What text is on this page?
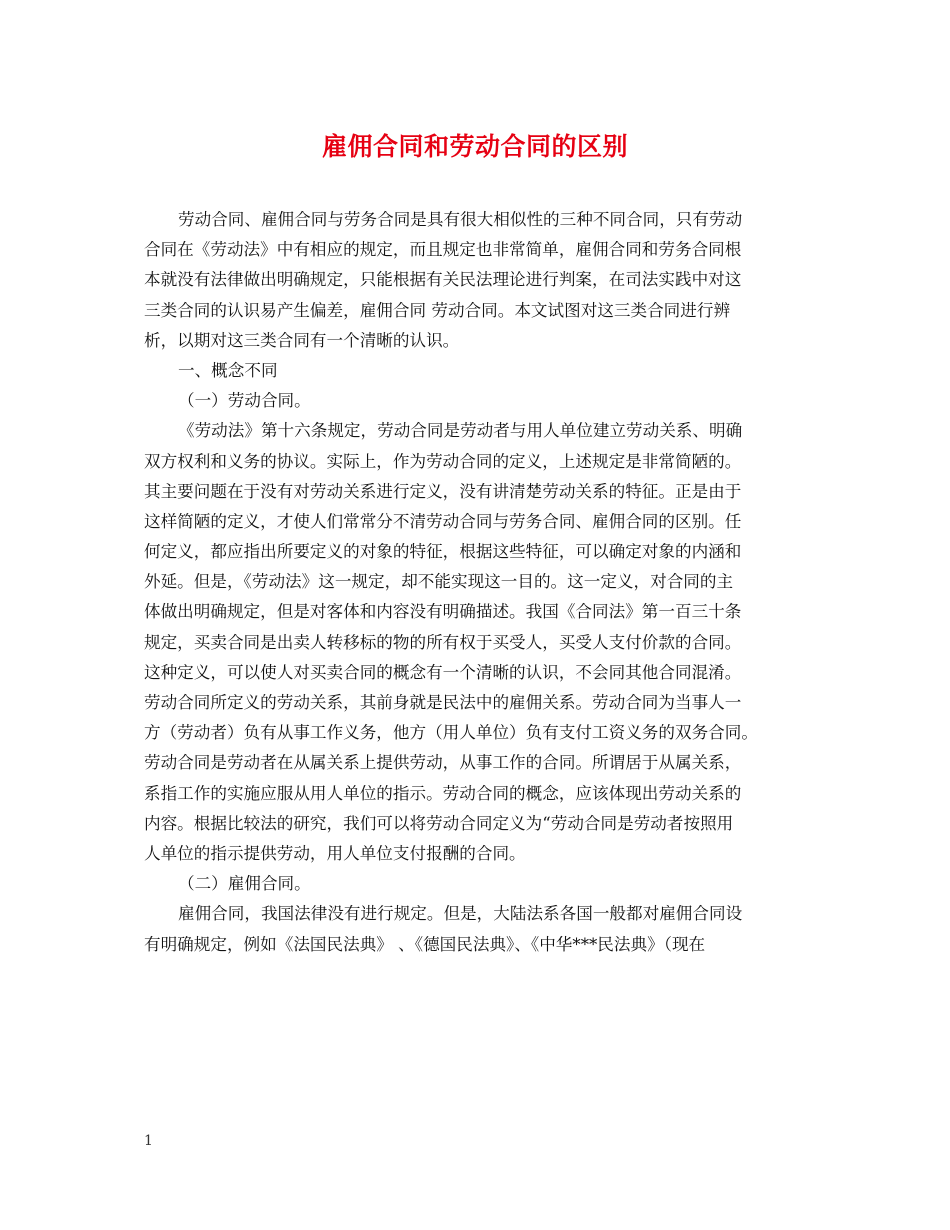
雇佣合同和劳动合同的区别
劳动合同、雇佣合同与劳务合同是具有很大相似性的三种不同合同，只有劳动
合同在《劳动法》中有相应的规定，而且规定也非常简单，雇佣合同和劳务合同根
本就没有法律做出明确规定，只能根据有关民法理论进行判案，在司法实践中对这
三类合同的认识易产生偏差，雇佣合同 劳动合同。本文试图对这三类合同进行辨
析，以期对这三类合同有一个清晰的认识。
一、概念不同
（一）劳动合同。
《劳动法》第十六条规定，劳动合同是劳动者与用人单位建立劳动关系、明确
双方权利和义务的协议。实际上，作为劳动合同的定义，上述规定是非常简陋的。
其主要问题在于没有对劳动关系进行定义，没有讲清楚劳动关系的特征。正是由于
这样简陋的定义，才使人们常常分不清劳动合同与劳务合同、雇佣合同的区别。任
何定义，都应指出所要定义的对象的特征，根据这些特征，可以确定对象的内涵和
外延。但是，《劳动法》这一规定，却不能实现这一目的。这一定义，对合同的主
体做出明确规定，但是对客体和内容没有明确描述。我国《合同法》第一百三十条
规定，买卖合同是出卖人转移标的物的所有权于买受人，买受人支付价款的合同。
这种定义，可以使人对买卖合同的概念有一个清晰的认识，不会同其他合同混淆。
劳动合同所定义的劳动关系，其前身就是民法中的雇佣关系。劳动合同为当事人一
方（劳动者）负有从事工作义务，他方（用人单位）负有支付工资义务的双务合同。
劳动合同是劳动者在从属关系上提供劳动，从事工作的合同。所谓居于从属关系，
系指工作的实施应服从用人单位的指示。劳动合同的概念，应该体现出劳动关系的
内容。根据比较法的研究，我们可以将劳动合同定义为“劳动合同是劳动者按照用
人单位的指示提供劳动，用人单位支付报酬的合同。
（二）雇佣合同。
雇佣合同，我国法律没有进行规定。但是，大陆法系各国一般都对雇佣合同设
有明确规定，例如《法国民法典》 、《德国民法典》、《中华***民法典》（现在
1
